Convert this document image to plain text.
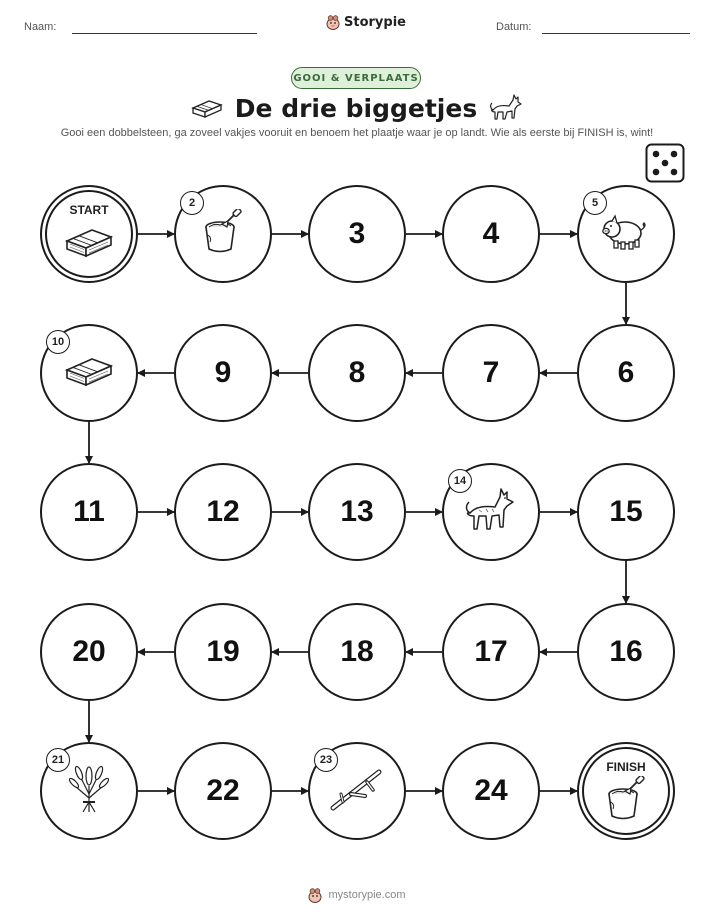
Naam:	Storypie	Datum:
GOOI & VERPLAATS
De drie biggetjes
Gooi een dobbelsteen, ga zoveel vakjes vooruit en benoem het plaatje waar je op landt. Wie als eerste bij FINISH is, wint!
START	2
3	4
5
6
7
8
9
10
11	12	13
14
15
16
17
18
19
20
21
22
23
24
FINISH
mystorypie.com
